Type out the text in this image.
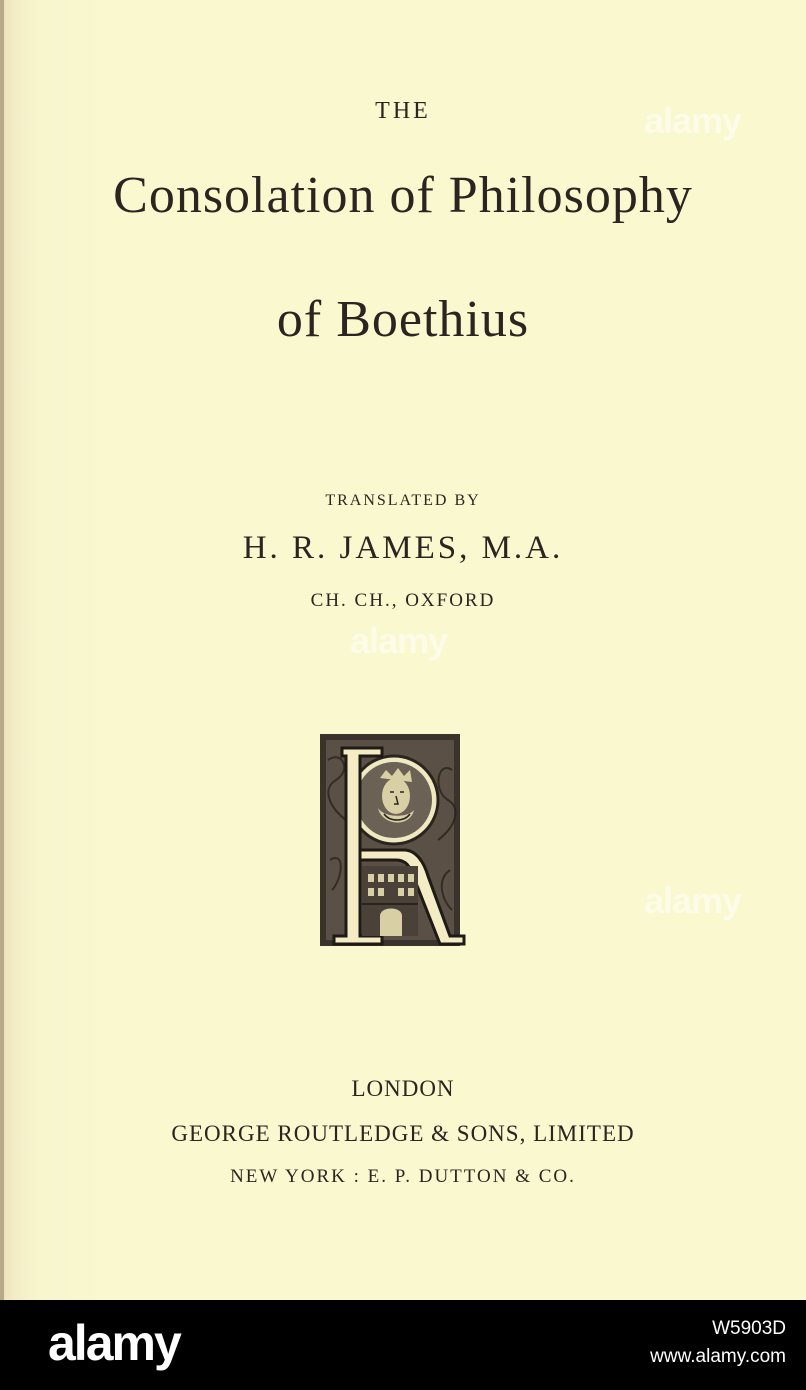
THE
Consolation of Philosophy
of Boethius
TRANSLATED BY
H. R. JAMES, M.A.
CH. CH., OXFORD
LONDON
GEORGE ROUTLEDGE & SONS, LIMITED
NEW YORK : E. P. DUTTON & CO.
alamy
alamy
alamy
alamy	W5903D
www.alamy.com
